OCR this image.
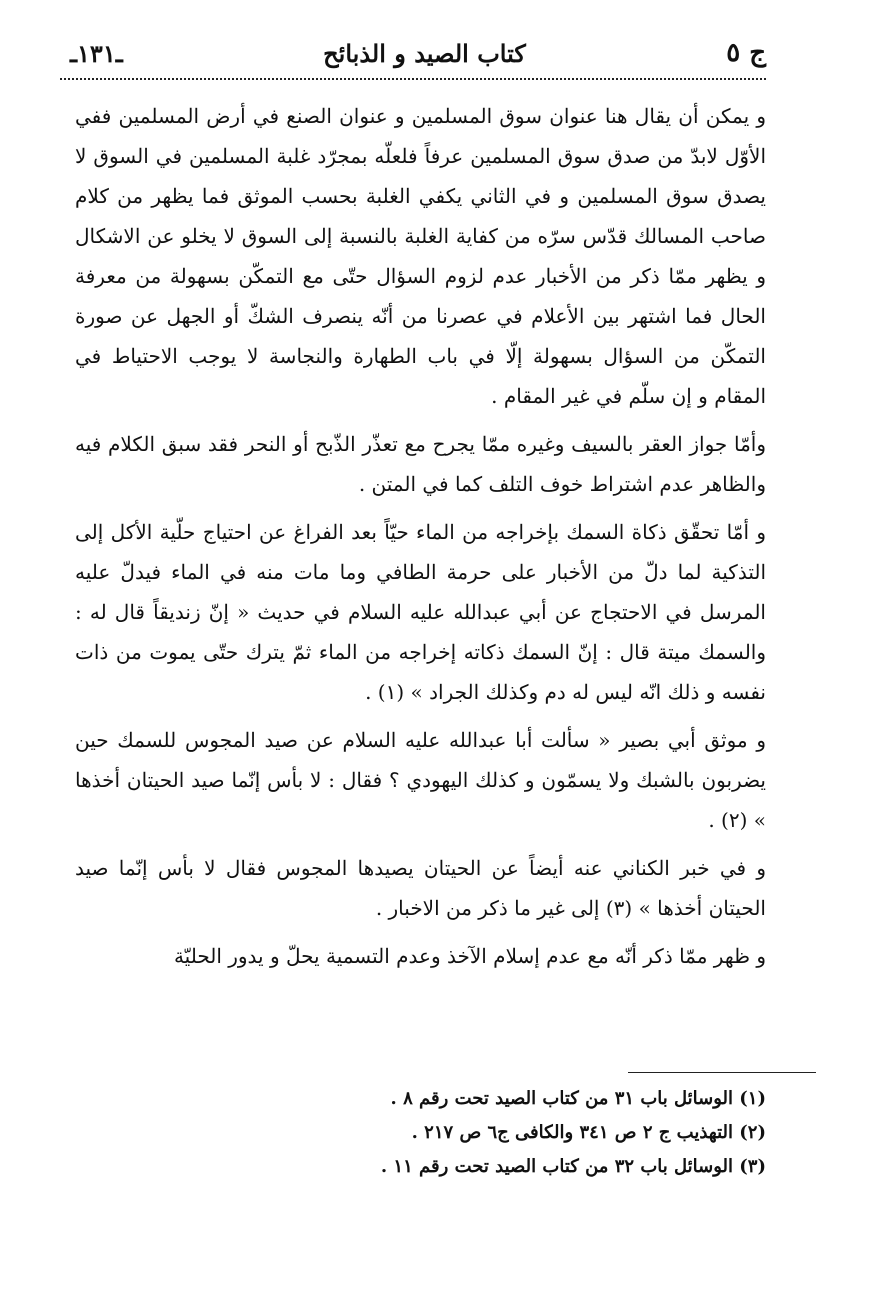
ج ٥
كتاب الصيد و الذبائح
ـ١٣١ـ

و يمكن أن يقال هنا عنوان سوق المسلمين و عنوان الصنع في أرض المسلمين ففي الأوّل لابدّ من صدق سوق المسلمين عرفاً فلعلّه بمجرّد غلبة المسلمين في السوق لا يصدق سوق المسلمين و في الثاني يكفي الغلبة بحسب الموثق فما يظهر من كلام صاحب المسالك قدّس سرّه من كفاية الغلبة بالنسبة إلى السوق لا يخلو عن الاشكال و يظهر ممّا ذكر من الأخبار عدم لزوم السؤال حتّى مع التمكّن بسهولة من معرفة الحال فما اشتهر بين الأعلام في عصرنا من أنّه ينصرف الشكّ أو الجهل عن صورة التمكّن من السؤال بسهولة إلّا في باب الطهارة والنجاسة لا يوجب الاحتياط في المقام و إن سلّم في غير المقام .

وأمّا جواز العقر بالسيف وغيره ممّا يجرح مع تعذّر الذّبح أو النحر فقد سبق الكلام فيه والظاهر عدم اشتراط خوف التلف كما في المتن .

و أمّا تحقّق ذكاة السمك بإخراجه من الماء حيّاً بعد الفراغ عن احتياج حلّية الأكل إلى التذكية لما دلّ من الأخبار على حرمة الطافي وما مات منه في الماء فيدلّ عليه المرسل في الاحتجاج عن أبي عبدالله عليه السلام في حديث « إنّ زنديقاً قال له : والسمك ميتة قال : إنّ السمك ذكاته إخراجه من الماء ثمّ يترك حتّى يموت من ذات نفسه و ذلك انّه ليس له دم وكذلك الجراد » (١) .

و موثق أبي بصير « سألت أبا عبدالله عليه السلام عن صيد المجوس للسمك حين يضربون بالشبك ولا يسمّون و كذلك اليهودي ؟ فقال : لا بأس إنّما صيد الحيتان أخذها » (٢) .

و في خبر الكناني عنه أيضاً عن الحيتان يصيدها المجوس فقال لا بأس إنّما صيد الحيتان أخذها » (٣) إلى غير ما ذكر من الاخبار .

و ظهر ممّا ذكر أنّه مع عدم إسلام الآخذ وعدم التسمية يحلّ و يدور الحليّة

(١) الوسائل باب ٣١ من كتاب الصيد تحت رقم ٨ .
(٢) التهذيب ج ٢ ص ٣٤١ والكافى ج٦ ص ٢١٧ .
(٣) الوسائل باب ٣٢ من كتاب الصيد تحت رقم ١١ .
